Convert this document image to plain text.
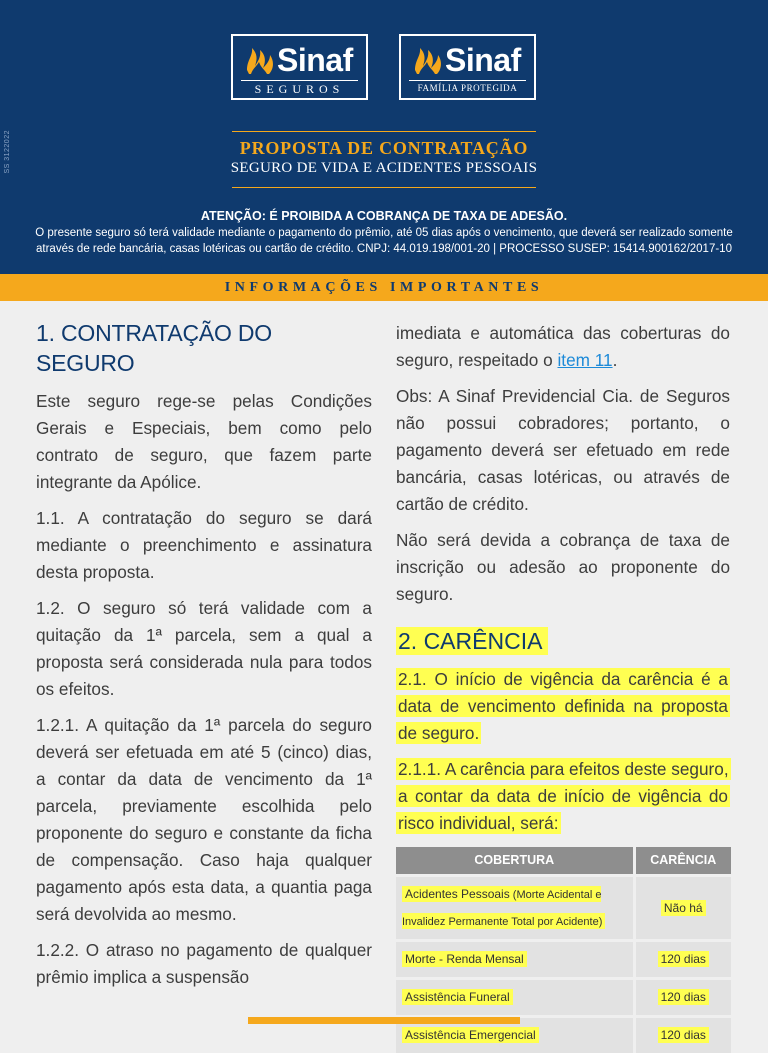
SS 3122022
Sinaf
SEGUROS
Sinaf
FAMÍLIA PROTEGIDA
PROPOSTA DE CONTRATAÇÃO
SEGURO DE VIDA E ACIDENTES PESSOAIS
ATENÇÃO: É PROIBIDA A COBRANÇA DE TAXA DE ADESÃO.
O presente seguro só terá validade mediante o pagamento do prêmio, até 05 dias após o vencimento, que deverá ser realizado somente através de rede bancária, casas lotéricas ou cartão de crédito. CNPJ: 44.019.198/001-20 | PROCESSO SUSEP: 15414.900162/2017-10
INFORMAÇÕES IMPORTANTES
1. CONTRATAÇÃO DO SEGURO

Este seguro rege-se pelas Condições Gerais e Especiais, bem como pelo contrato de seguro, que fazem parte integrante da Apólice.

1.1. A contratação do seguro se dará mediante o preenchimento e assinatura desta proposta.

1.2. O seguro só terá validade com a quitação da 1ª parcela, sem a qual a proposta será considerada nula para todos os efeitos.

1.2.1. A quitação da 1ª parcela do seguro deverá ser efetuada em até 5 (cinco) dias, a contar da data de vencimento da 1ª parcela, previamente escolhida pelo proponente do seguro e constante da ficha de compensação. Caso haja qualquer pagamento após esta data, a quantia paga será devolvida ao mesmo.

1.2.2. O atraso no pagamento de qualquer prêmio implica a suspensão

imediata e automática das coberturas do seguro, respeitado o item 11.

Obs: A Sinaf Previdencial Cia. de Seguros não possui cobradores; portanto, o pagamento deverá ser efetuado em rede bancária, casas lotéricas, ou através de cartão de crédito.

Não será devida a cobrança de taxa de inscrição ou adesão ao proponente do seguro.

2. CARÊNCIA

2.1. O início de vigência da carência é a data de vencimento definida na proposta de seguro.

2.1.1. A carência para efeitos deste seguro, a contar da data de início de vigência do risco individual, será:

COBERTURA	CARÊNCIA
Acidentes Pessoais (Morte Acidental e Invalidez Permanente Total por Acidente)	Não há
Morte - Renda Mensal	120 dias
Assistência Funeral	120 dias
Assistência Emergencial	120 dias
